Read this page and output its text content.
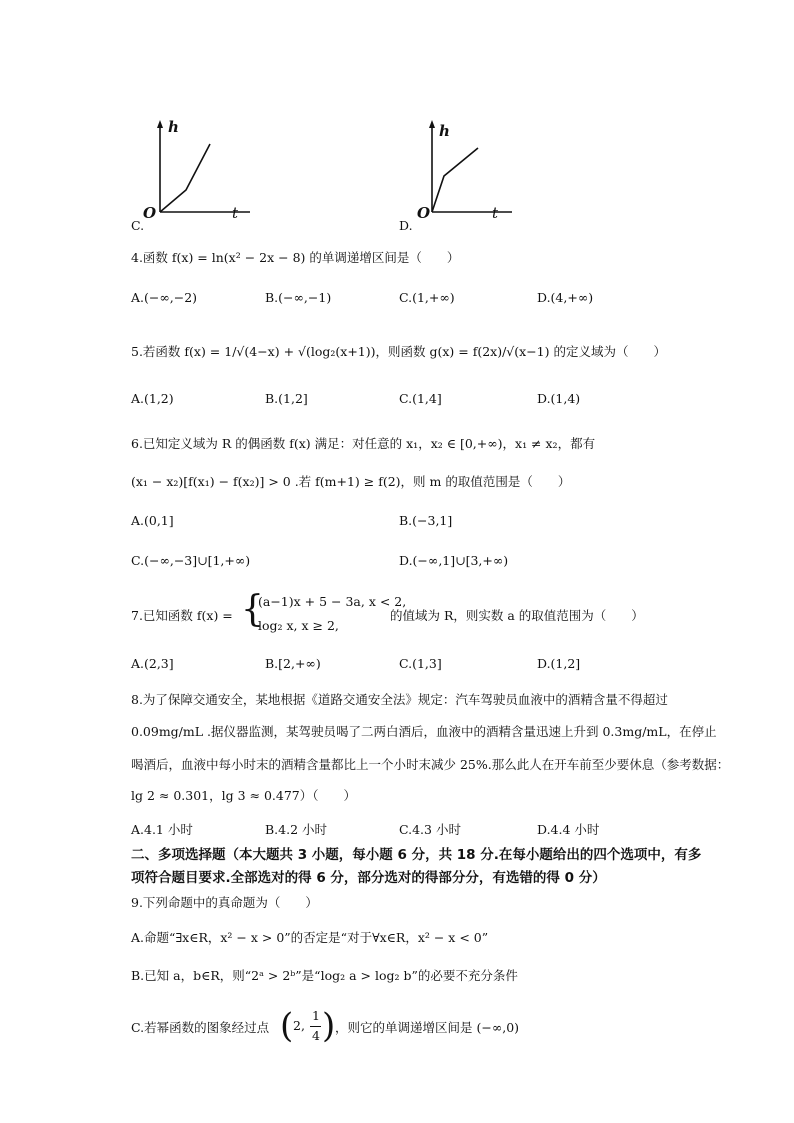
C.
h
O	t
D.
h
O	t
4.函数 f(x) = ln(x² − 2x − 8) 的单调递增区间是（　　）
A.(−∞,−2)	B.(−∞,−1)	C.(1,+∞)	D.(4,+∞)
5.若函数 f(x) = 1/√(4−x) + √(log₂(x+1))，则函数 g(x) = f(2x)/√(x−1) 的定义域为（　　）
A.(1,2)	B.(1,2]	C.(1,4]	D.(1,4)
6.已知定义域为 R 的偶函数 f(x) 满足：对任意的 x₁，x₂ ∈ [0,+∞)，x₁ ≠ x₂，都有
(x₁ − x₂)[f(x₁) − f(x₂)] > 0 .若 f(m+1) ≥ f(2)，则 m 的取值范围是（　　）
A.(0,1]	B.(−3,1]
C.(−∞,−3]∪[1,+∞)	D.(−∞,1]∪[3,+∞)
7.已知函数 f(x) = {
(a−1)x + 5 − 3a, x < 2,
log₂ x, x ≥ 2,
的值域为 R，则实数 a 的取值范围为（　　）
A.(2,3]	B.[2,+∞)	C.(1,3]	D.(1,2]
8.为了保障交通安全，某地根据《道路交通安全法》规定：汽车驾驶员血液中的酒精含量不得超过
0.09mg/mL .据仪器监测，某驾驶员喝了二两白酒后，血液中的酒精含量迅速上升到 0.3mg/mL，在停止
喝酒后，血液中每小时末的酒精含量都比上一个小时末减少 25%.那么此人在开车前至少要休息（参考数据：
lg 2 ≈ 0.301，lg 3 ≈ 0.477）（　　）
A.4.1 小时	B.4.2 小时	C.4.3 小时	D.4.4 小时
二、多项选择题（本大题共 3 小题，每小题 6 分，共 18 分.在每小题给出的四个选项中，有多
项符合题目要求.全部选对的得 6 分，部分选对的得部分分，有选错的得 0 分）
9.下列命题中的真命题为（　　）
A.命题“∃x∈R，x² − x > 0”的否定是“对于∀x∈R，x² − x < 0”
B.已知 a，b∈R，则“2ᵃ > 2ᵇ”是“log₂ a > log₂ b”的必要不充分条件
C.若幂函数的图象经过点 ( 2,
1
4 ) ，则它的单调递增区间是 (−∞,0)
